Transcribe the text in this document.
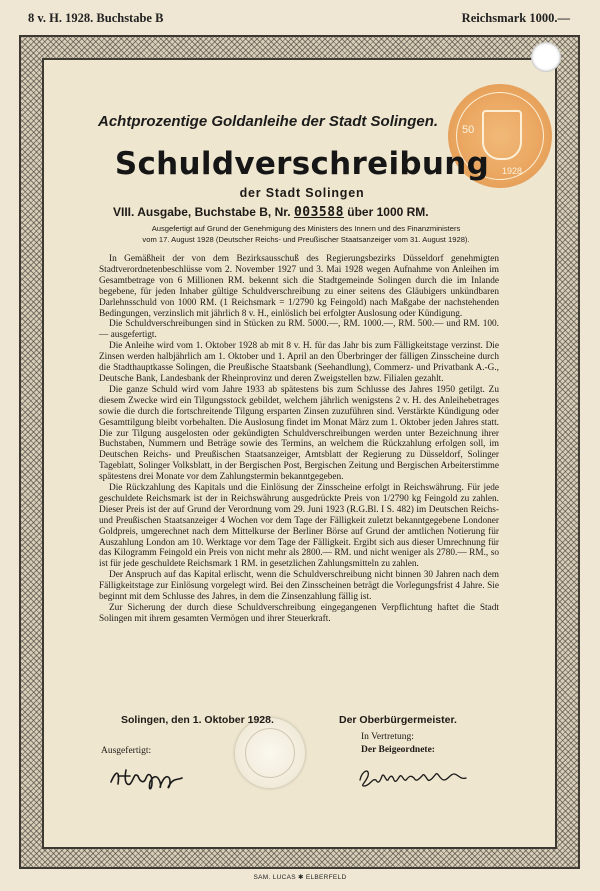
8 v. H. 1928. Buchstabe B	Reichsmark 1000.—
50
1928
Achtprozentige Goldanleihe der Stadt Solingen.
Schuldverschreibung
der Stadt Solingen
VIII. Ausgabe, Buchstabe B, Nr. 003588 über 1000 RM.
Ausgefertigt auf Grund der Genehmigung des Ministers des Innern und des Finanzministers
vom 17. August 1928 (Deutscher Reichs- und Preußischer Staatsanzeiger vom 31. August 1928).

In Gemäßheit der von dem Bezirksausschuß des Regierungsbezirks Düsseldorf genehmigten Stadtverordnetenbeschlüsse vom 2. November 1927 und 3. Mai 1928 wegen Aufnahme von Anleihen im Gesamtbetrage von 6 Millionen RM. bekennt sich die Stadtgemeinde Solingen durch die im Inlande begebene, für jeden Inhaber gültige Schuldverschreibung zu einer seitens des Gläubigers unkündbaren Darlehnsschuld von 1000 RM. (1 Reichsmark = 1/2790 kg Feingold) nach Maßgabe der nachstehenden Bedingungen, verzinslich mit jährlich 8 v. H., einlöslich bei erfolgter Auslosung oder Kündigung.

Die Schuldverschreibungen sind in Stücken zu RM. 5000.—, RM. 1000.—, RM. 500.— und RM. 100.— ausgefertigt.

Die Anleihe wird vom 1. Oktober 1928 ab mit 8 v. H. für das Jahr bis zum Fälligkeitstage verzinst. Die Zinsen werden halbjährlich am 1. Oktober und 1. April an den Überbringer der fälligen Zinsscheine durch die Stadthauptkasse Solingen, die Preußische Staatsbank (Seehandlung), Commerz- und Privatbank A.-G., Deutsche Bank, Landesbank der Rheinprovinz und deren Zweigstellen bzw. Filialen gezahlt.

Die ganze Schuld wird vom Jahre 1933 ab spätestens bis zum Schlusse des Jahres 1950 getilgt. Zu diesem Zwecke wird ein Tilgungsstock gebildet, welchem jährlich wenigstens 2 v. H. des Anleihebetrages sowie die durch die fortschreitende Tilgung ersparten Zinsen zuzuführen sind. Verstärkte Kündigung oder Gesamttilgung bleibt vorbehalten. Die Auslosung findet im Monat März zum 1. Oktober jeden Jahres statt. Die zur Tilgung ausgelosten oder gekündigten Schuldverschreibungen werden unter Bezeichnung ihrer Buchstaben, Nummern und Beträge sowie des Termins, an welchem die Rückzahlung erfolgen soll, im Deutschen Reichs- und Preußischen Staatsanzeiger, Amtsblatt der Regierung zu Düsseldorf, Solinger Tageblatt, Solinger Volksblatt, in der Bergischen Post, Bergischen Zeitung und Bergischen Arbeiterstimme spätestens drei Monate vor dem Zahlungstermin bekanntgegeben.

Die Rückzahlung des Kapitals und die Einlösung der Zinsscheine erfolgt in Reichswährung. Für jede geschuldete Reichsmark ist der in Reichswährung ausgedrückte Preis von 1/2790 kg Feingold zu zahlen. Dieser Preis ist der auf Grund der Verordnung vom 29. Juni 1923 (R.G.Bl. I S. 482) im Deutschen Reichs- und Preußischen Staatsanzeiger 4 Wochen vor dem Tage der Fälligkeit zuletzt bekanntgegebene Londoner Goldpreis, umgerechnet nach dem Mittelkurse der Berliner Börse auf Grund der amtlichen Notierung für Auszahlung London am 10. Werktage vor dem Tage der Fälligkeit. Ergibt sich aus dieser Umrechnung für das Kilogramm Feingold ein Preis von nicht mehr als 2800.— RM. und nicht weniger als 2780.— RM., so ist für jede geschuldete Reichsmark 1 RM. in gesetzlichen Zahlungsmitteln zu zahlen.

Der Anspruch auf das Kapital erlischt, wenn die Schuldverschreibung nicht binnen 30 Jahren nach dem Fälligkeitstage zur Einlösung vorgelegt wird. Bei den Zinsscheinen beträgt die Vorlegungsfrist 4 Jahre. Sie beginnt mit dem Schlusse des Jahres, in dem die Zinsenzahlung fällig ist.

Zur Sicherung der durch diese Schuldverschreibung eingegangenen Verpflichtung haftet die Stadt Solingen mit ihrem gesamten Vermögen und ihrer Steuerkraft.

Solingen, den 1. Oktober 1928.	Der Oberbürgermeister.
In Vertretung:
Der Beigeordnete:
Ausgefertigt:
SAM. LUCAS ✱ ELBERFELD
